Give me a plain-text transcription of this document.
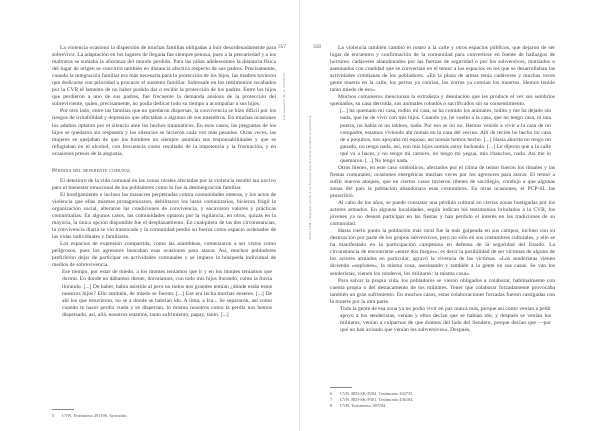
La violencia ocasionó la dispersión de muchas familias obligadas a huir desordenadamente para sobrevivir. La adaptación en los lugares de llegada fue siempre penosa, pues a la precariedad y a los maltratos se sumaba la añoranza del mundo perdido. Para las niñas adolescentes la distancia física del lugar de origen se convirtió también en distancia afectiva respecto de sus padres. Precisamente, cuando la integración familiar era más necesaria para la protección de los hijos, las madres tuvieron que dedicarse con prioridad a procurar el sustento familiar. Sobresale en los testimonios recabados por la CVR el lamento de no haber podido dar o recibir la protección de los padres. Entre los hijos que perdieron a uno de sus padres, fue frecuente la demanda ansiosa de la protección del sobreviviente, quien, precisamente, no podía dedicar todo su tiempo a acompañar a sus hijos.

Por otro lado, entre las familias que no quedaron dispersas, la convivencia se hizo difícil por los riesgos de irritabilidad y depresión que afectaban a algunos de sus miembros. En muchas ocasiones los adultos optaron por el silencio ante los hechos traumáticos. En esos casos, las preguntas de los hijos se quedaron sin respuesta y los silencios se hicieron cada vez más pesados. Otras veces, las mujeres se quejaban de que los hombres no siempre asumían sus responsabilidades y que se refugiaban en el alcohol, con frecuencia como resultado de la impotencia y la frustración, y en ocasiones presos de la angustia.

Pérdida del referente comunal

El deterioro de la vida comunal en las zonas rurales afectadas por la violencia resultó tan nocivo para el bienestar emocional de los pobladores como lo fue la desintegración familiar.

El hostigamiento e incluso las masacres perpetradas contra comunidades enteras, y los actos de violencia que ellas mismas protagonizaron, debilitaron los lazos comunitarios, hicieron frágil la organización social, alteraron las condiciones de convivencia, y socavaron valores y prácticas comunitarias. En algunos casos, las comunidades optaron por la vigilancia; en otros, quizás en la mayoría, la única opción disponible fue el desplazamiento. En cualquiera de las dos circunstancias, la convivencia diaria se vio trastocada y la comunidad perdió su fuerza como espacio ordenador de las vidas individuales y familiares.

Los espacios de expresión compartida, como las asambleas, comenzaron a ser vistos como peligrosos, pues los agresores buscaban esas ocasiones para atacar. Así, muchos pobladores prefirieron dejar de participar en actividades comunales y se impuso la búsqueda individual de medios de sobrevivencia.

Ese tiempo, por estar de miedo, a los montes teníamos que ir y en los montes teníamos que dormir. En donde no dábamos diente, dormíamos, con todo mis hijos llorando, como la lluvia llorando. [...] De haber, había asistido al pero no todos nos grandes temían ¿dónde están estos nuestros hijos? Ello también, de miedo se fueron. [...] Ese era lecha muchas enseres. [...] De ahí los que estuvieron, no se a dónde se habrían ido. A lima, a Ica... Se separaron, así como cuando te hacer perdiz vuela y se dispersan, lo mismo nosotros como la perdiz nos hemos dispersado, así, allá, nosotros estamos, tanto sufrimiento, papay, tanto. [...]

357
5 CVR. Testimonio 201196. Ayacucho.
Las secuelas de la violencia
Tomo VIII | Segunda parte: Los factores que hicieron posible la violencia
358
6 CVR. BDI-SK-P294. Testimonio 202735.
7 CVR. BDI-SK-P301. Testimonio 436184.
8 CVR. Testimonio 100784.

La violencia también cambió el rostro a la calle y otros espacios públicos, que dejaron de ser lugar de encuentro y confirmación de la comunidad para convertirse en fuente de hallazgos de horrores: cadáveres abandonados por las fuerzas de seguridad o por los subversivos, mutilados o asesinados con crueldad que se convertían en el temor a los espacios en los que se desarrollaban las actividades cotidianas de los pobladores. «En la plaza de armas tenía cadáveres y muchas veces gente muerta en la calle, los perros ya comían, los zorros ya comían los muertos. Hemos tenido tanto miedo de eso».

Muchos comuneros mencionan la extrañeza y desolación que les produce el ver sus sembríos quemados, su casa derruida, sus animales robados o sacrificados sin su consentimiento.

[...] ha quemado mi casa, todito mi casa, se ha comido los animales, todito y me ha dejado sin nada, que he de vivir con mis hijos. Cuando ya, he vuelto a la casa, que no tengo casa, ni una puerta, no había ni un tablero, nada. Por eso se mi no. Hemos venido a vivir a la casa de mi compadre, estamos viviendo ahí nomás en la casa del vecino. Allí de recién he hecho mi casa de a poquitos, nos apoyaba mi esposo, así nomás hemos hecho. [...] Hasta ahorita no tengo mi ganado, no tengo nada, así, con mis hijos nomás estoy luchando. [...] Le dijeron que a la calle qué va a hacer, y no tengo mi carnero, no tengo mi yegua, mis chanchos, nada. Así me lo quemaron. [...] No tengo nada.

Otros bienes, en este caso simbólicos, afectados por el clima de temor fueron los rituales y las fiestas comunales, ocasiones energéticas muchas veces por los agresores para atacar. El temor a sufrir nuevos ataques, que en ciertos casos tuvieron ribetes de sacrilegio, condujo a que algunas zonas del país la población abandonara esas costumbres. En otras ocasiones, el PCP-SL las proscribió.

Al cabo de los años, se puede constatar una pérdida cultural en ciertas zonas hostigadas por los actores armados. En algunas localidades, según indican los testimonios brindados a la CVR, los jóvenes ya no desean participar en las fiestas y han perdido el interés en las tradiciones de su comunidad.

Hasta cierto punto la población más rural fue la más golpeada en sus campos, incluso con su destrucción por parte de los grupos subversivos, pero no sólo en sus costumbres culturales, y ello se ha manifestado en la participación campesina en defensa de la seguridad del Estado. La circunstancia de encontrarse «entre dos fuegos», es decir la posibilidad de ser víctimas de alguno de los actores armados en particular, agravó la vivencia de las víctimas. «Los senderistas vienen diciendo «soplones», la misma cosa, asesinando y también a la gente en sus casas. Se van los senderistas, vienen los ronderos, los militares: la misma cosa».

Para salvar la propia vida, los pobladores se vieron obligados a colaborar, habitualmente con cuenta propia o del destacamento de los militares. Tener que colaborar forzadamente provocaba también un gran sufrimiento. En muchos casos, estas colaboraciones forzadas fueron castigadas con la muerte por la otra parte.

Toda la gente de esa zona ya no podía vivir en paz nunca más, porque así como venían a pedir apoyo a los senderistas, venían y ellos decían que se habían ido, y después se venían los militares, venían a culparnos de que éramos del lado del Sendero, porque decían que —por qué no han avisado que venían los subversivos». Después,
